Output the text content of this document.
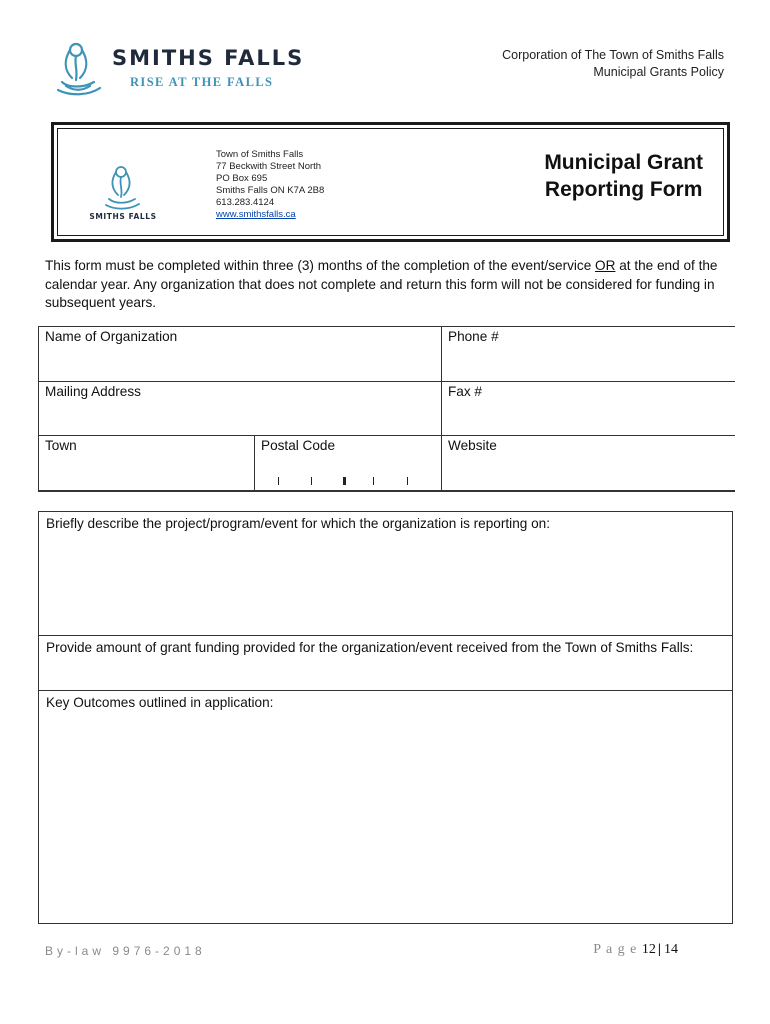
SMITHS FALLS
RISE AT THE FALLS
Corporation of The Town of Smiths Falls
Municipal Grants Policy
SMITHS FALLS
Town of Smiths Falls
77 Beckwith Street North
PO Box 695
Smiths Falls ON K7A 2B8
613.283.4124
www.smithsfalls.ca
Municipal Grant
Reporting Form
This form must be completed within three (3) months of the completion of the event/service OR at the end of the calendar year. Any organization that does not complete and return this form will not be considered for funding in subsequent years.
Name of Organization	Phone #
Mailing Address	Fax #
Town	Postal Code	Website
Briefly describe the project/program/event for which the organization is reporting on:
Provide amount of grant funding provided for the organization/event received from the Town of Smiths Falls:
Key Outcomes outlined in application:
By-law 9976-2018	P a g e 12 | 14
